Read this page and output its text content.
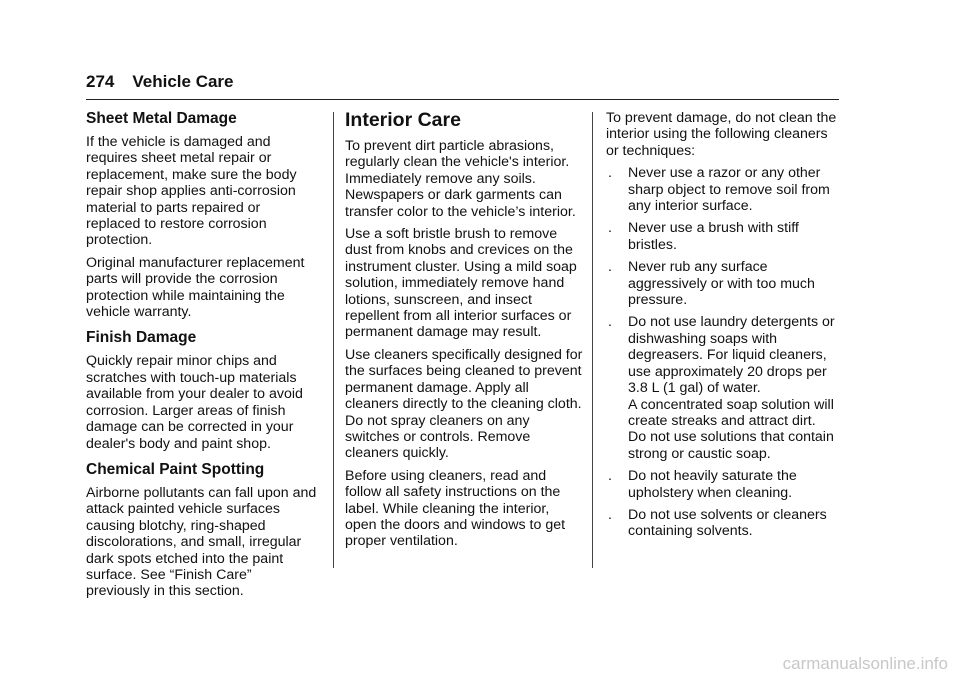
274 Vehicle Care
Sheet Metal Damage

If the vehicle is damaged and requires sheet metal repair or replacement, make sure the body repair shop applies anti-corrosion material to parts repaired or replaced to restore corrosion protection.

Original manufacturer replacement parts will provide the corrosion protection while maintaining the vehicle warranty.

Finish Damage

Quickly repair minor chips and scratches with touch-up materials available from your dealer to avoid corrosion. Larger areas of finish damage can be corrected in your dealer's body and paint shop.

Chemical Paint Spotting

Airborne pollutants can fall upon and attack painted vehicle surfaces causing blotchy, ring-shaped discolorations, and small, irregular dark spots etched into the paint surface. See “Finish Care” previously in this section.

Interior Care

To prevent dirt particle abrasions, regularly clean the vehicle's interior. Immediately remove any soils. Newspapers or dark garments can transfer color to the vehicle’s interior.

Use a soft bristle brush to remove dust from knobs and crevices on the instrument cluster. Using a mild soap solution, immediately remove hand lotions, sunscreen, and insect repellent from all interior surfaces or permanent damage may result.

Use cleaners specifically designed for the surfaces being cleaned to prevent permanent damage. Apply all cleaners directly to the cleaning cloth. Do not spray cleaners on any switches or controls. Remove cleaners quickly.

Before using cleaners, read and follow all safety instructions on the label. While cleaning the interior, open the doors and windows to get proper ventilation.

To prevent damage, do not clean the interior using the following cleaners or techniques:

. Never use a razor or any other sharp object to remove soil from any interior surface.
. Never use a brush with stiff bristles.
. Never rub any surface aggressively or with too much pressure.
. Do not use laundry detergents or dishwashing soaps with degreasers. For liquid cleaners, use approximately 20 drops per 3.8 L (1 gal) of water.
A concentrated soap solution will create streaks and attract dirt.
Do not use solutions that contain strong or caustic soap.
. Do not heavily saturate the upholstery when cleaning.
. Do not use solvents or cleaners containing solvents.
carmanualsonline.info
